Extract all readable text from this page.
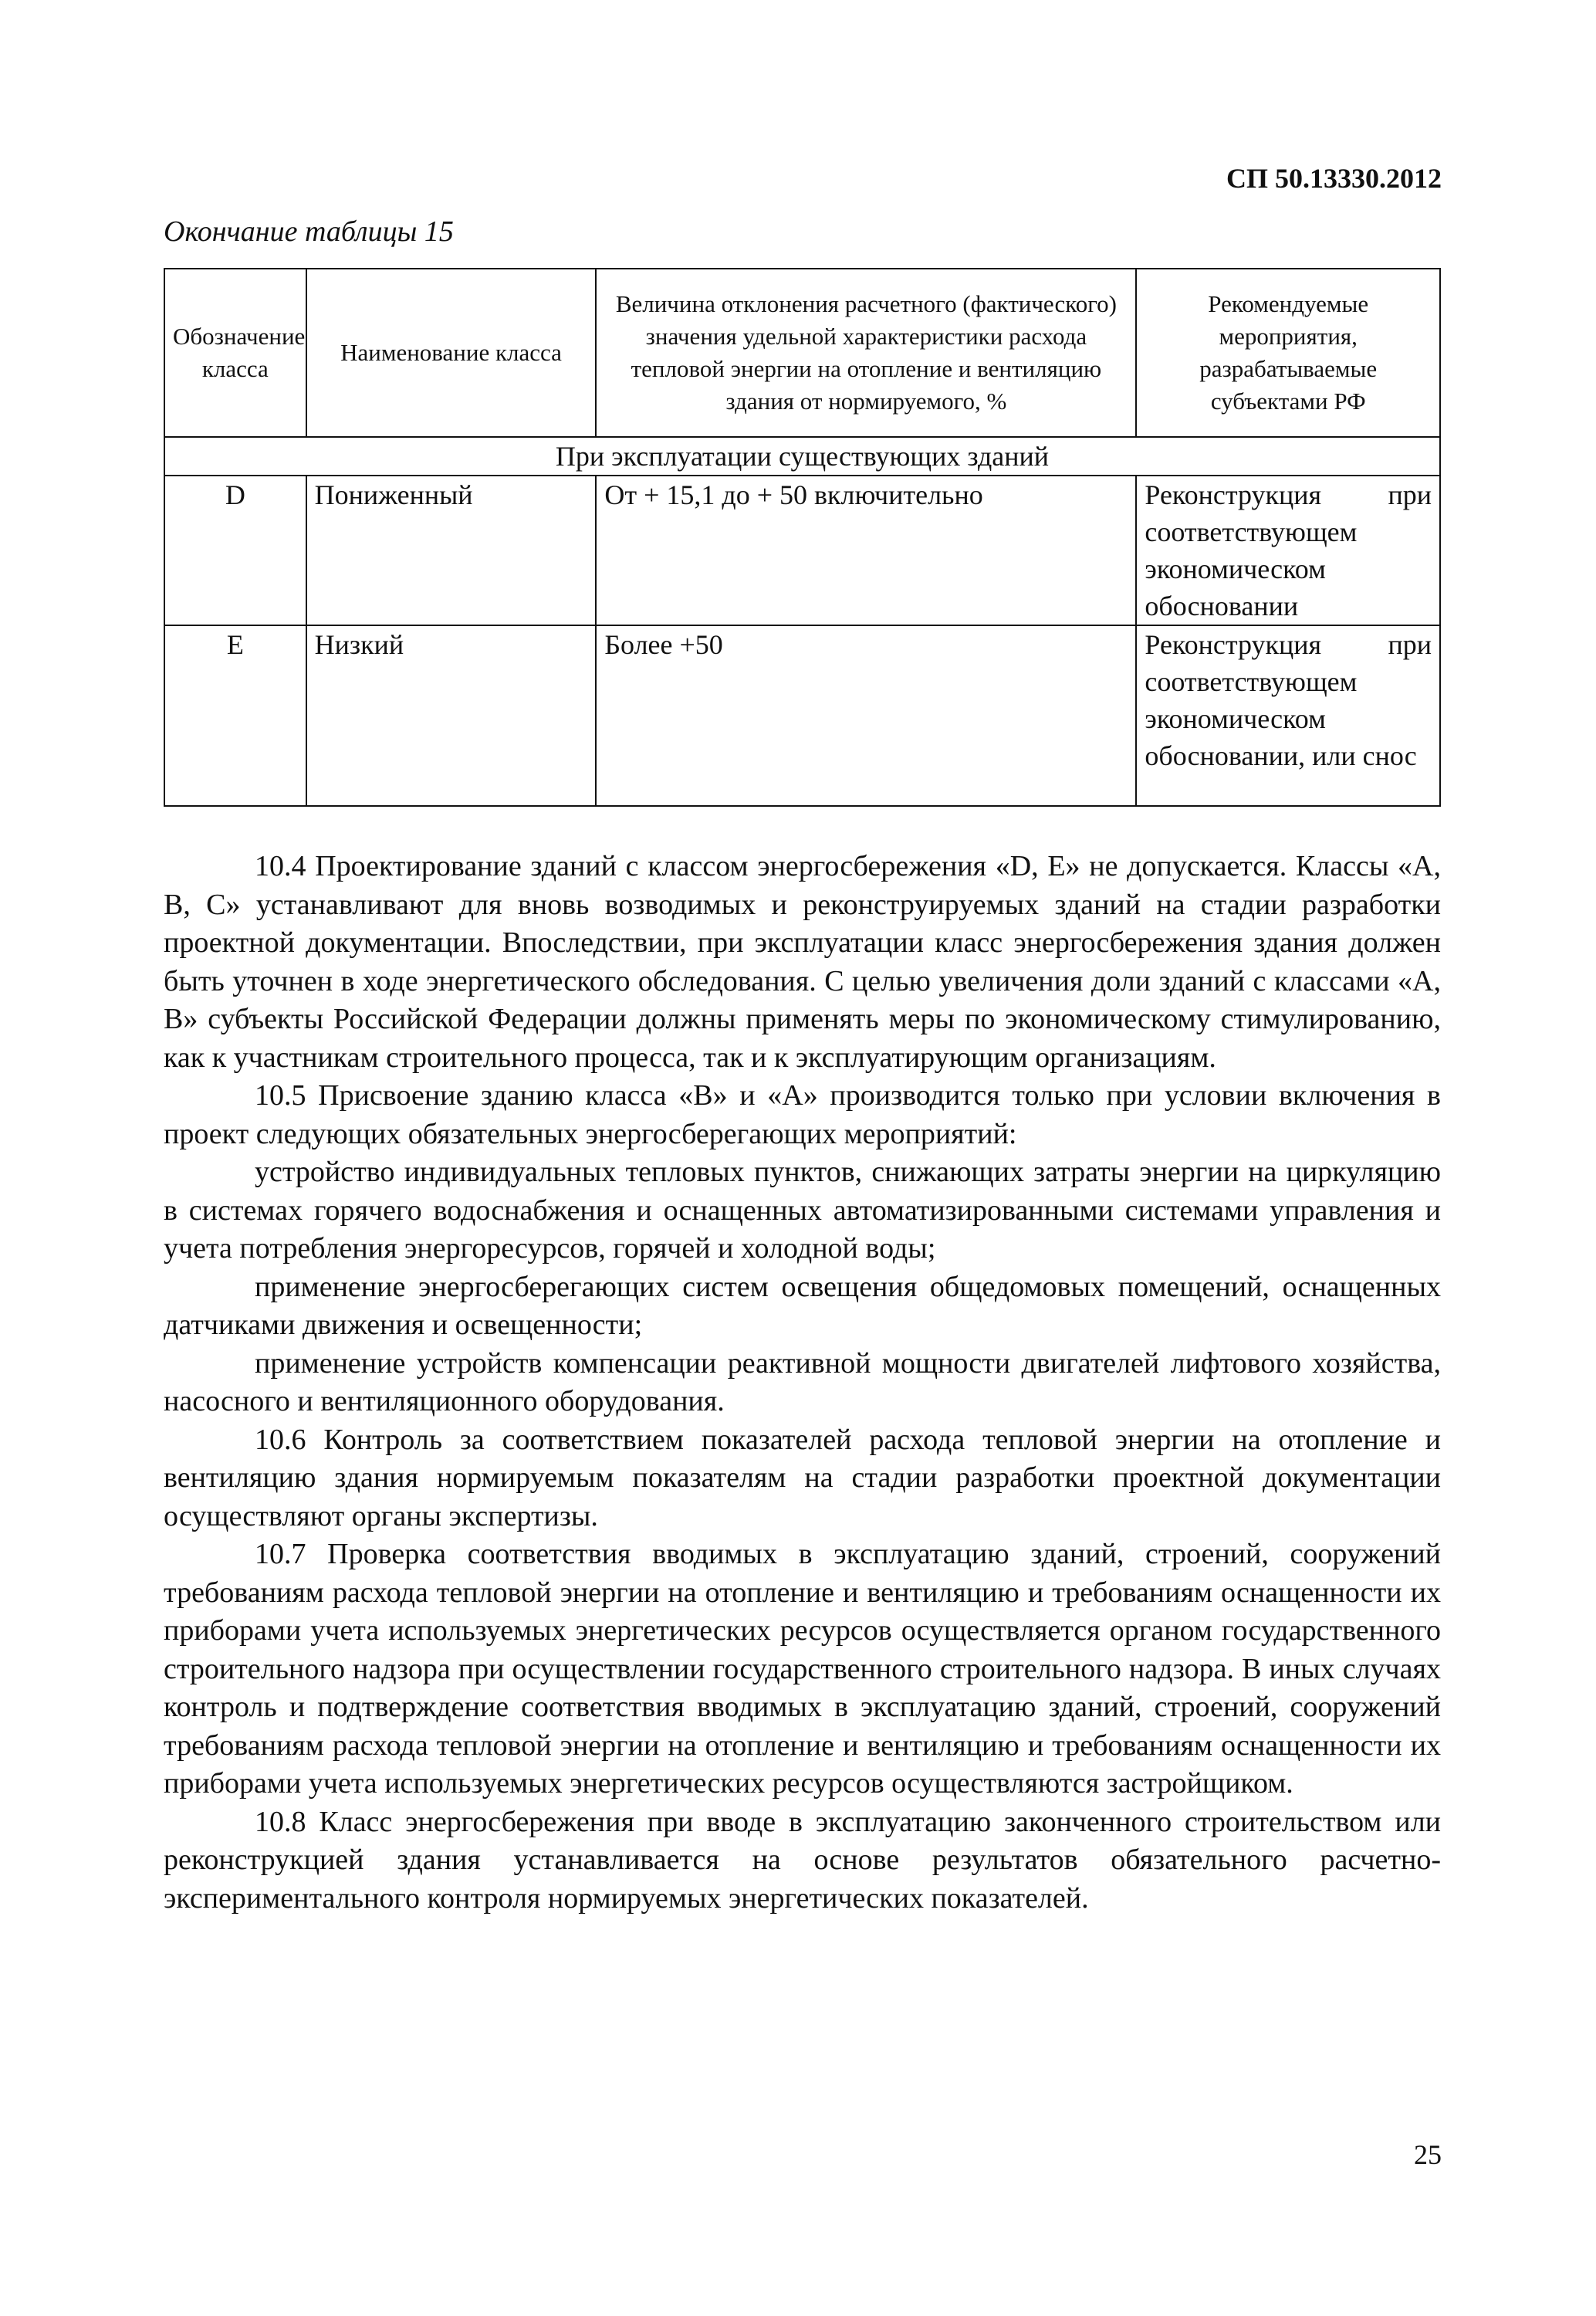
СП 50.13330.2012
Окончание таблицы 15
Обозначение класса	Наименование класса	Величина отклонения расчетного (фактического) значения удельной характеристики расхода тепловой энергии на отопление и вентиляцию здания от нормируемого, %	Рекомендуемые мероприятия, разрабатываемые субъектами РФ
При эксплуатации существующих зданий			
D	Пониженный	От + 15,1 до + 50 включительно	Реконструкция при соответствующем экономическом обосновании
E	Низкий	Более +50	Реконструкция при соответствующем экономическом обосновании, или снос

10.4 Проектирование зданий с классом энергосбережения «D, E» не допускается. Классы «А, В, С» устанавливают для вновь возводимых и реконструируемых зданий на стадии разработки проектной документации. Впоследствии, при эксплуатации класс энергосбережения здания должен быть уточнен в ходе энергетического обследования. С целью увеличения доли зданий с классами «А, В» субъекты Российской Федерации должны применять меры по экономическому стимулированию, как к участникам строительного процесса, так и к эксплуатирующим организациям.

10.5 Присвоение зданию класса «В» и «А» производится только при условии включения в проект следующих обязательных энергосберегающих мероприятий:

устройство индивидуальных тепловых пунктов, снижающих затраты энергии на циркуляцию в системах горячего водоснабжения и оснащенных автоматизированными системами управления и учета потребления энергоресурсов, горячей и холодной воды;

применение энергосберегающих систем освещения общедомовых помещений, оснащенных датчиками движения и освещенности;

применение устройств компенсации реактивной мощности двигателей лифтового хозяйства, насосного и вентиляционного оборудования.

10.6 Контроль за соответствием показателей расхода тепловой энергии на отопление и вентиляцию здания нормируемым показателям на стадии разработки проектной документации осуществляют органы экспертизы.

10.7 Проверка соответствия вводимых в эксплуатацию зданий, строений, сооружений требованиям расхода тепловой энергии на отопление и вентиляцию и требованиям оснащенности их приборами учета используемых энергетических ресурсов осуществляется органом государственного строительного надзора при осуществлении государственного строительного надзора. В иных случаях контроль и подтверждение соответствия вводимых в эксплуатацию зданий, строений, сооружений требованиям расхода тепловой энергии на отопление и вентиляцию и требованиям оснащенности их приборами учета используемых энергетических ресурсов осуществляются застройщиком.

10.8 Класс энергосбережения при вводе в эксплуатацию законченного строительством или реконструкцией здания устанавливается на основе результатов обязательного расчетно-экспериментального контроля нормируемых энергетических показателей.

25
